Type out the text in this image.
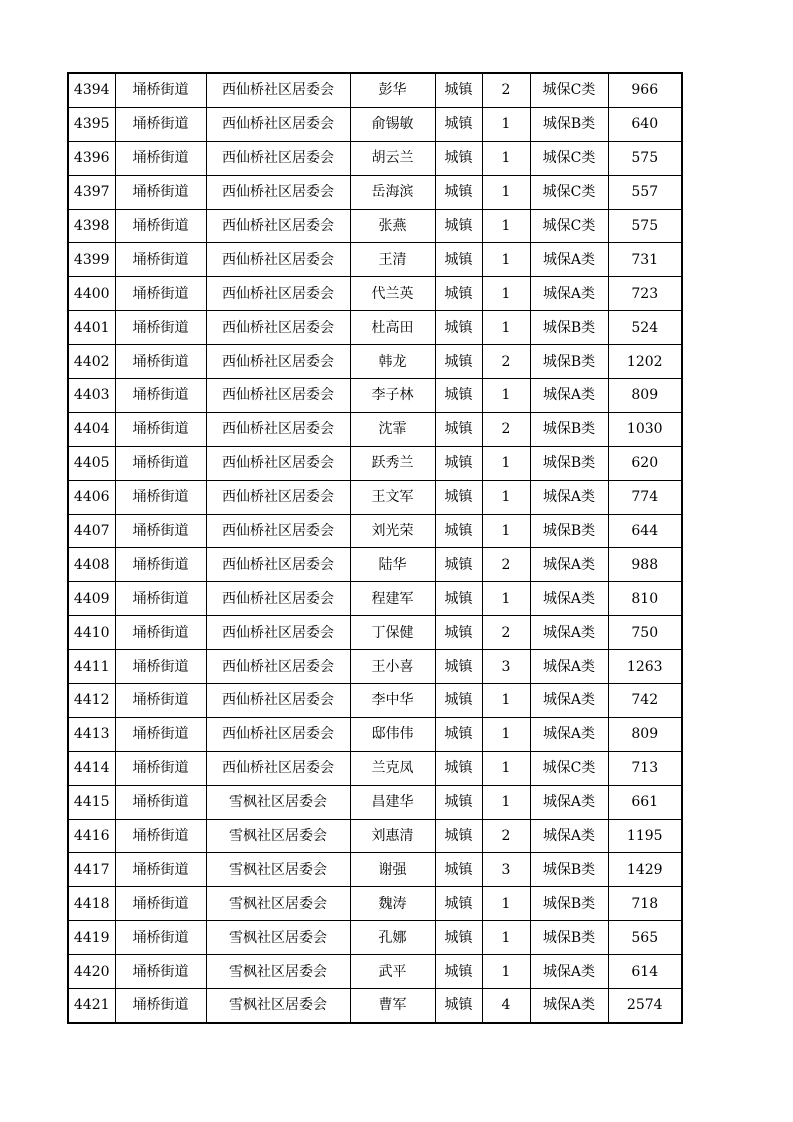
4394	埇桥街道	西仙桥社区居委会	彭华	城镇	2	城保C类	966
4395	埇桥街道	西仙桥社区居委会	俞锡敏	城镇	1	城保B类	640
4396	埇桥街道	西仙桥社区居委会	胡云兰	城镇	1	城保C类	575
4397	埇桥街道	西仙桥社区居委会	岳海滨	城镇	1	城保C类	557
4398	埇桥街道	西仙桥社区居委会	张燕	城镇	1	城保C类	575
4399	埇桥街道	西仙桥社区居委会	王清	城镇	1	城保A类	731
4400	埇桥街道	西仙桥社区居委会	代兰英	城镇	1	城保A类	723
4401	埇桥街道	西仙桥社区居委会	杜高田	城镇	1	城保B类	524
4402	埇桥街道	西仙桥社区居委会	韩龙	城镇	2	城保B类	1202
4403	埇桥街道	西仙桥社区居委会	李子林	城镇	1	城保A类	809
4404	埇桥街道	西仙桥社区居委会	沈霏	城镇	2	城保B类	1030
4405	埇桥街道	西仙桥社区居委会	跃秀兰	城镇	1	城保B类	620
4406	埇桥街道	西仙桥社区居委会	王文军	城镇	1	城保A类	774
4407	埇桥街道	西仙桥社区居委会	刘光荣	城镇	1	城保B类	644
4408	埇桥街道	西仙桥社区居委会	陆华	城镇	2	城保A类	988
4409	埇桥街道	西仙桥社区居委会	程建军	城镇	1	城保A类	810
4410	埇桥街道	西仙桥社区居委会	丁保健	城镇	2	城保A类	750
4411	埇桥街道	西仙桥社区居委会	王小喜	城镇	3	城保A类	1263
4412	埇桥街道	西仙桥社区居委会	李中华	城镇	1	城保A类	742
4413	埇桥街道	西仙桥社区居委会	邸伟伟	城镇	1	城保A类	809
4414	埇桥街道	西仙桥社区居委会	兰克凤	城镇	1	城保C类	713
4415	埇桥街道	雪枫社区居委会	昌建华	城镇	1	城保A类	661
4416	埇桥街道	雪枫社区居委会	刘惠清	城镇	2	城保A类	1195
4417	埇桥街道	雪枫社区居委会	谢强	城镇	3	城保B类	1429
4418	埇桥街道	雪枫社区居委会	魏涛	城镇	1	城保B类	718
4419	埇桥街道	雪枫社区居委会	孔娜	城镇	1	城保B类	565
4420	埇桥街道	雪枫社区居委会	武平	城镇	1	城保A类	614
4421	埇桥街道	雪枫社区居委会	曹军	城镇	4	城保A类	2574
